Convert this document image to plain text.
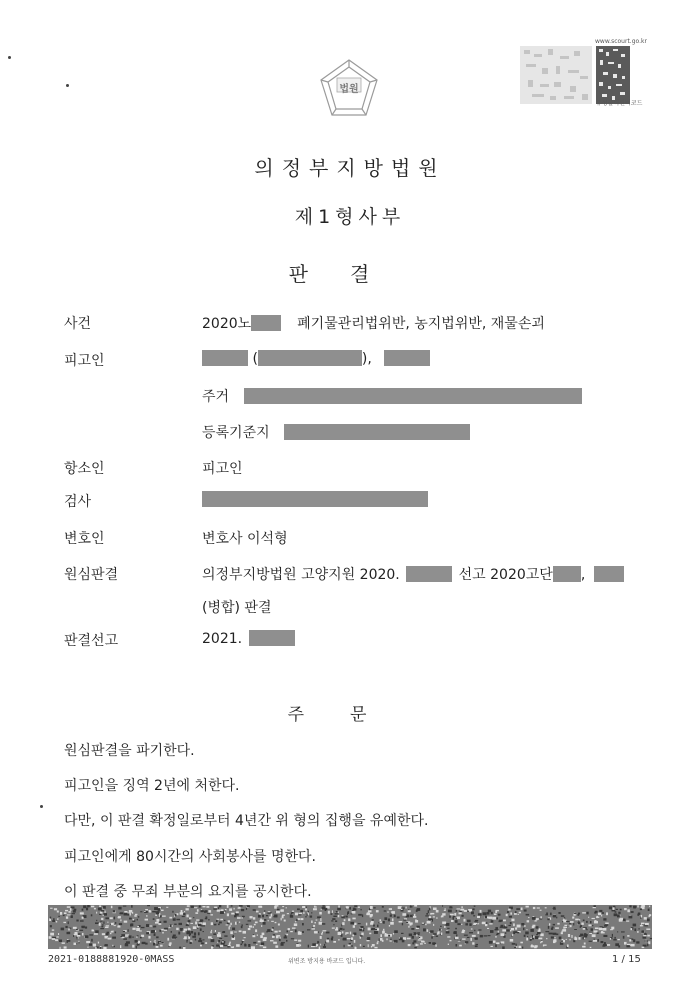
법원
www.scourt.go.kr
유성출력원비코드
의정부지방법원
제1형사부
판결
사건	2020노	폐기물관리법위반, 농지법위반, 재물손괴
피고인	(	),
주거
등록기준지
항소인	피고인
검사
변호인	변호사 이석형
원심판결	의정부지방법원 고양지원 2020.	선고 2020고단 ,
(병합) 판결
판결선고	2021.
주문
원심판결을 파기한다.
피고인을 징역 2년에 처한다.
다만, 이 판결 확정일로부터 4년간 위 형의 집행을 유예한다.
피고인에게 80시간의 사회봉사를 명한다.
이 판결 중 무죄 부분의 요지를 공시한다.
2021-0188881920-0MASS	위변조 방지용 바코드 입니다.	1 / 15
